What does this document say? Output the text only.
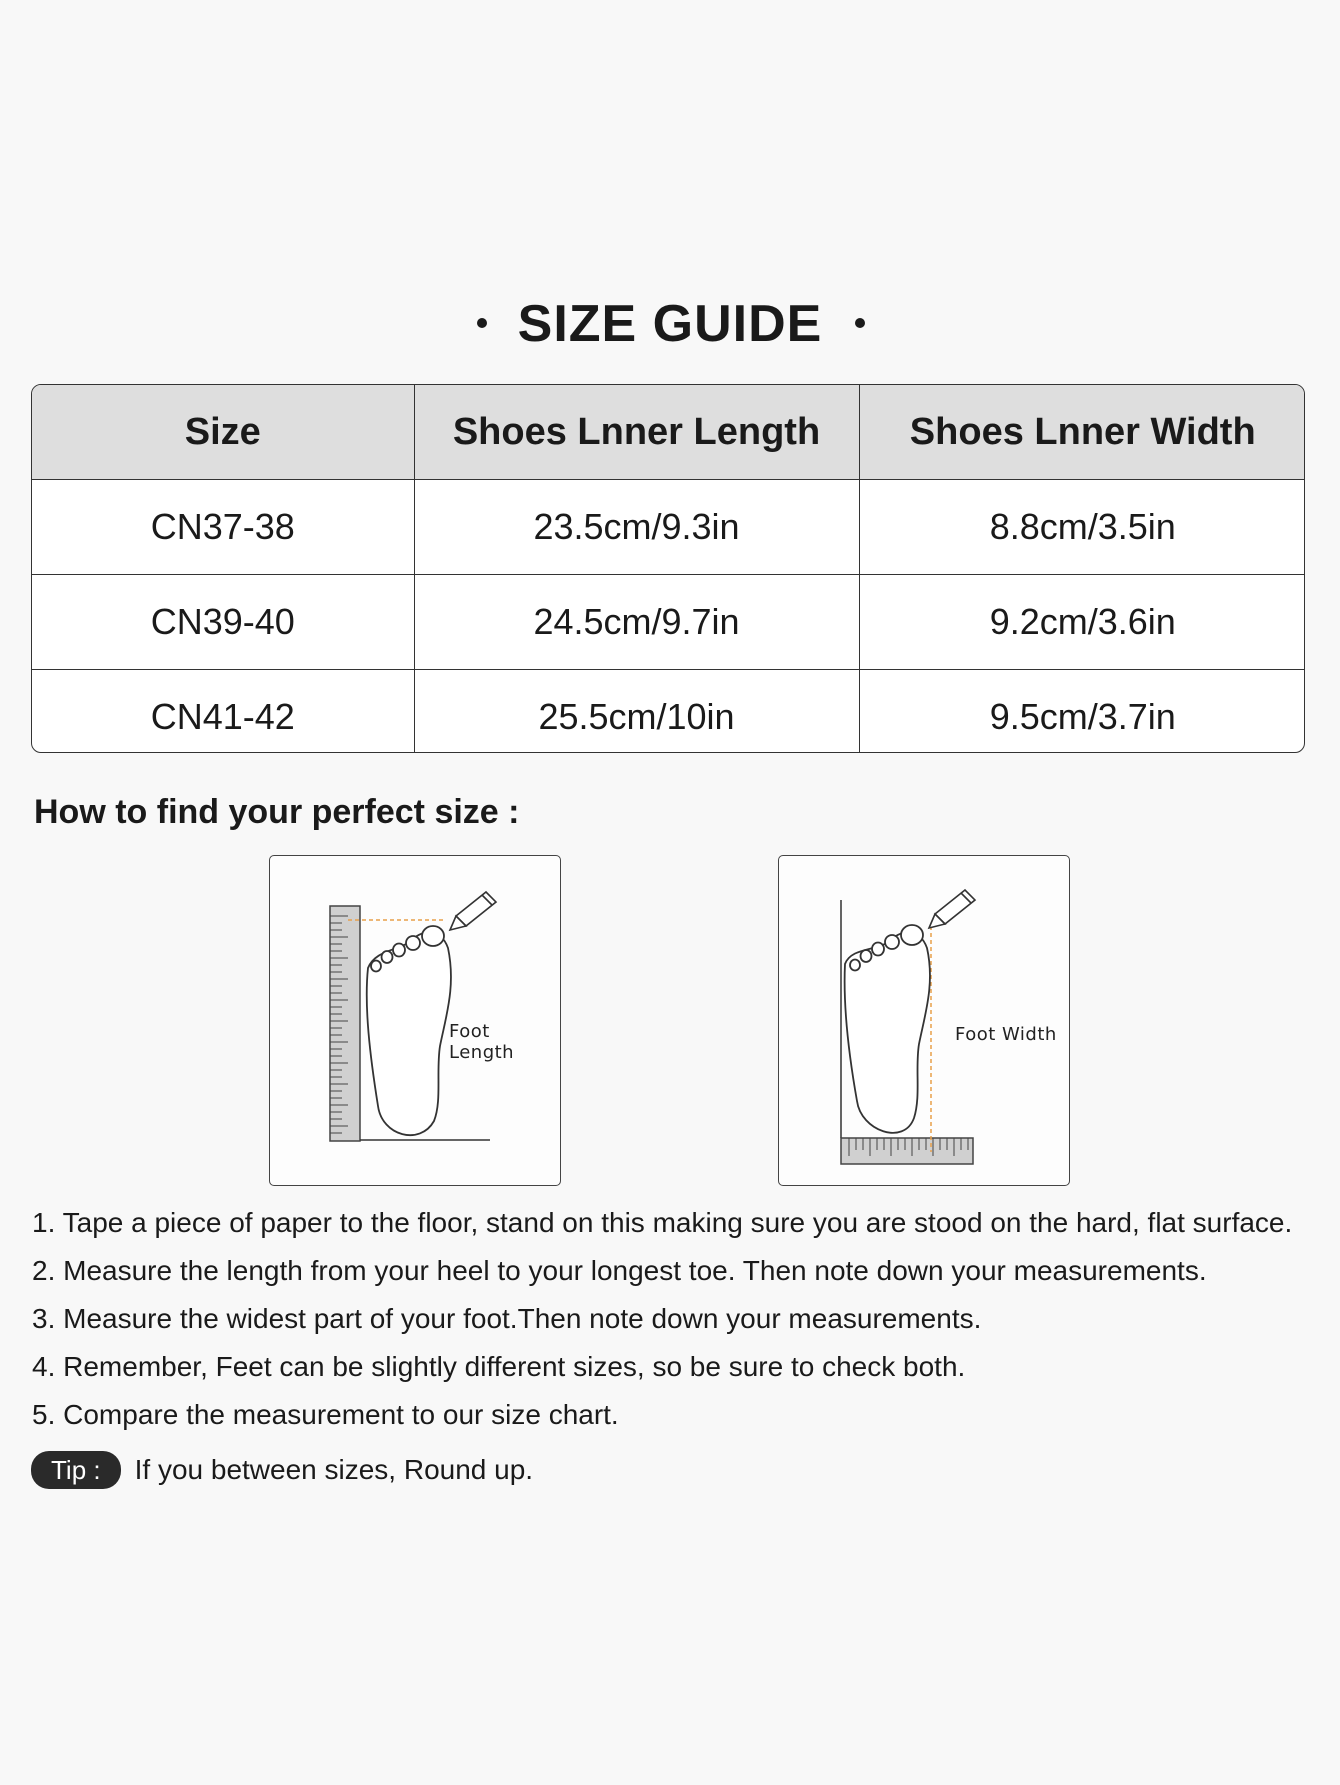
SIZE GUIDE
Size	Shoes Lnner Length	Shoes Lnner Width
CN37-38	23.5cm/9.3in	8.8cm/3.5in
CN39-40	24.5cm/9.7in	9.2cm/3.6in
CN41-42	25.5cm/10in	9.5cm/3.7in
How to find your perfect size :
Foot Length
Foot Width
1. Tape a piece of paper to the floor, stand on this making sure you are stood on the hard, flat surface.
2. Measure the length from your heel to your longest toe. Then note down your measurements.
3. Measure the widest part of your foot.Then note down your measurements.
4. Remember, Feet can be slightly different sizes, so be sure to check both.
5. Compare the measurement to our size chart.
Tip :	If you between sizes, Round up.
